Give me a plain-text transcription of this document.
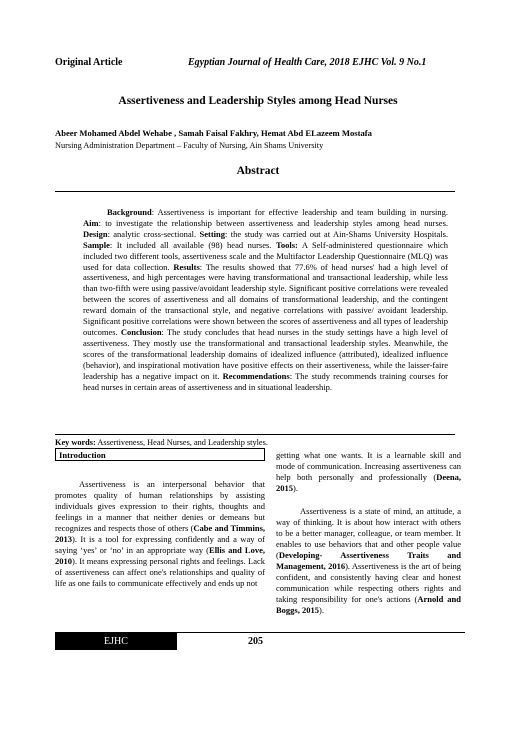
Original Article	Egyptian Journal of Health Care, 2018 EJHC Vol. 9 No.1
Assertiveness and Leadership Styles among Head Nurses
Abeer Mohamed Abdel Wehabe , Samah Faisal Fakhry, Hemat Abd ELazeem Mostafa
Nursing Administration Department – Faculty of Nursing, Ain Shams University
Abstract

Background: Assertiveness is important for effective leadership and team building in nursing. Aim: to investigate the relationship between assertiveness and leadership styles among head nurses. Design: analytic cross-sectional. Setting: the study was carried out at Ain-Shams University Hospitals. Sample: It included all available (98) head nurses. Tools: A Self-administered questionnaire which included two different tools, assertiveness scale and the Multifactor Leadership Questionnaire (MLQ) was used for data collection. Results: The results showed that 77.6% of head nurses' had a high level of assertiveness, and high percentages were having transformational and transactional leadership, while less than two-fifth were using passive/avoidant leadership style. Significant positive correlations were revealed between the scores of assertiveness and all domains of transformational leadership, and the contingent reward domain of the transactional style, and negative correlations with passive/ avoidant leadership. Significant positive correlations were shown between the scores of assertiveness and all types of leadership outcomes. Conclusion: The study concludes that head nurses in the study settings have a high level of assertiveness. They mostly use the transformational and transactional leadership styles. Meanwhile, the scores of the transformational leadership domains of idealized influence (attributed), idealized influence (behavior), and inspirational motivation have positive effects on their assertiveness, while the laisser-faire leadership has a negative impact on it. Recommendations: The study recommends training courses for head nurses in certain areas of assertiveness and in situational leadership.

Key words: Assertiveness, Head Nurses, and Leadership styles.
Introduction

Assertiveness is an interpersonal behavior that promotes quality of human relationships by assisting individuals gives expression to their rights, thoughts and feelings in a manner that neither denies or demeans but recognizes and respects those of others (Cabe and Timmins, 2013). It is a tool for expressing confidently and a way of saying ‘yes’ or ‘no’ in an appropriate way (Ellis and Love, 2010). It means expressing personal rights and feelings. Lack of assertiveness can affect one's relationships and quality of life as one fails to communicate effectively and ends up not

getting what one wants. It is a learnable skill and mode of communication. Increasing assertiveness can help both personally and professionally (Deena, 2015).

Assertiveness is a state of mind, an attitude, a way of thinking. It is about how interact with others to be a better manager, colleague, or team member. It enables to use behaviors that and other people value (Developing- Assertiveness Traits and Management, 2016). Assertiveness is the art of being confident, and consistently having clear and honest communication while respecting others rights and taking responsibility for one's actions (Arnold and Boggs, 2015).

EJHC	205
